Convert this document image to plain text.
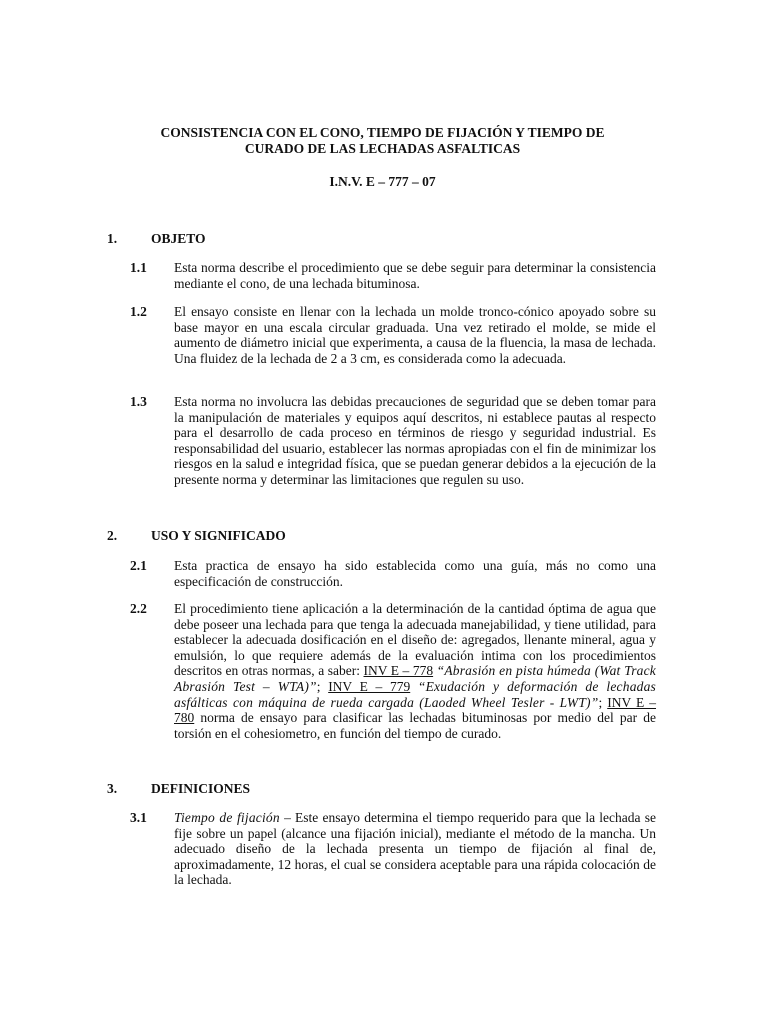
CONSISTENCIA CON EL CONO, TIEMPO DE FIJACIÓN Y TIEMPO DE
CURADO DE LAS LECHADAS ASFALTICAS
I.N.V. E – 777 – 07
1.	OBJETO
1.1 Esta norma describe el procedimiento que se debe seguir para determinar la consistencia mediante el cono, de una lechada bituminosa.
1.2 El ensayo consiste en llenar con la lechada un molde tronco-cónico apoyado sobre su base mayor en una escala circular graduada. Una vez retirado el molde, se mide el aumento de diámetro inicial que experimenta, a causa de la fluencia, la masa de lechada. Una fluidez de la lechada de 2 a 3 cm, es considerada como la adecuada.
1.3 Esta norma no involucra las debidas precauciones de seguridad que se deben tomar para la manipulación de materiales y equipos aquí descritos, ni establece pautas al respecto para el desarrollo de cada proceso en términos de riesgo y seguridad industrial. Es responsabilidad del usuario, establecer las normas apropiadas con el fin de minimizar los riesgos en la salud e integridad física, que se puedan generar debidos a la ejecución de la presente norma y determinar las limitaciones que regulen su uso.
2.	USO Y SIGNIFICADO
2.1 Esta practica de ensayo ha sido establecida como una guía, más no como una especificación de construcción.
2.2 El procedimiento tiene aplicación a la determinación de la cantidad óptima de agua que debe poseer una lechada para que tenga la adecuada manejabilidad, y tiene utilidad, para establecer la adecuada dosificación en el diseño de: agregados, llenante mineral, agua y emulsión, lo que requiere además de la evaluación intima con los procedimientos descritos en otras normas, a saber: INV E – 778 “Abrasión en pista húmeda (Wat Track Abrasión Test – WTA)”; INV E – 779 “Exudación y deformación de lechadas asfálticas con máquina de rueda cargada (Laoded Wheel Tesler - LWT)”; INV E – 780 norma de ensayo para clasificar las lechadas bituminosas por medio del par de torsión en el cohesiometro, en función del tiempo de curado.
3.	DEFINICIONES
3.1 Tiempo de fijación – Este ensayo determina el tiempo requerido para que la lechada se fije sobre un papel (alcance una fijación inicial), mediante el método de la mancha. Un adecuado diseño de la lechada presenta un tiempo de fijación al final de, aproximadamente, 12 horas, el cual se considera aceptable para una rápida colocación de la lechada.
